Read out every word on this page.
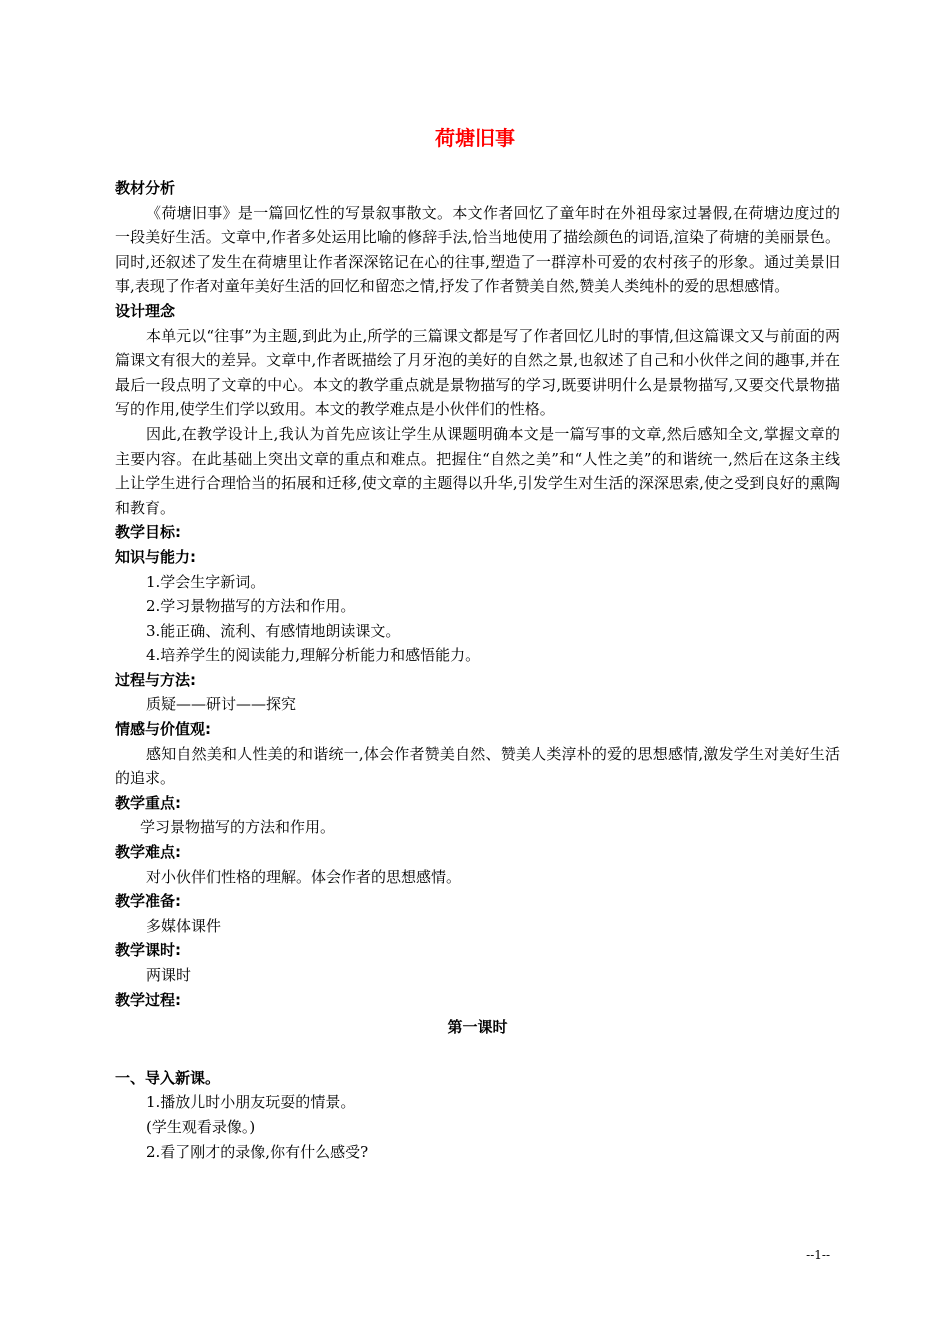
荷塘旧事
教材分析
《荷塘旧事》是一篇回忆性的写景叙事散文。本文作者回忆了童年时在外祖母家过暑假,在荷塘边度过的一段美好生活。文章中,作者多处运用比喻的修辞手法,恰当地使用了描绘颜色的词语,渲染了荷塘的美丽景色。同时,还叙述了发生在荷塘里让作者深深铭记在心的往事,塑造了一群淳朴可爱的农村孩子的形象。通过美景旧事,表现了作者对童年美好生活的回忆和留恋之情,抒发了作者赞美自然,赞美人类纯朴的爱的思想感情。
设计理念
本单元以“往事”为主题,到此为止,所学的三篇课文都是写了作者回忆儿时的事情,但这篇课文又与前面的两篇课文有很大的差异。文章中,作者既描绘了月牙泡的美好的自然之景,也叙述了自己和小伙伴之间的趣事,并在最后一段点明了文章的中心。本文的教学重点就是景物描写的学习,既要讲明什么是景物描写,又要交代景物描写的作用,使学生们学以致用。本文的教学难点是小伙伴们的性格。
因此,在教学设计上,我认为首先应该让学生从课题明确本文是一篇写事的文章,然后感知全文,掌握文章的主要内容。在此基础上突出文章的重点和难点。把握住“自然之美”和“人性之美”的和谐统一,然后在这条主线上让学生进行合理恰当的拓展和迁移,使文章的主题得以升华,引发学生对生活的深深思索,使之受到良好的熏陶和教育。
教学目标:
知识与能力:
1.学会生字新词。
2.学习景物描写的方法和作用。
3.能正确、流利、有感情地朗读课文。
4.培养学生的阅读能力,理解分析能力和感悟能力。
过程与方法:
质疑——研讨——探究
情感与价值观:
感知自然美和人性美的和谐统一,体会作者赞美自然、赞美人类淳朴的爱的思想感情,激发学生对美好生活的追求。
教学重点:
学习景物描写的方法和作用。
教学难点:
对小伙伴们性格的理解。体会作者的思想感情。
教学准备:
多媒体课件
教学课时:
两课时
教学过程:
第一课时
一、导入新课。
1.播放儿时小朋友玩耍的情景。
(学生观看录像。)
2.看了刚才的录像,你有什么感受?
--1--
